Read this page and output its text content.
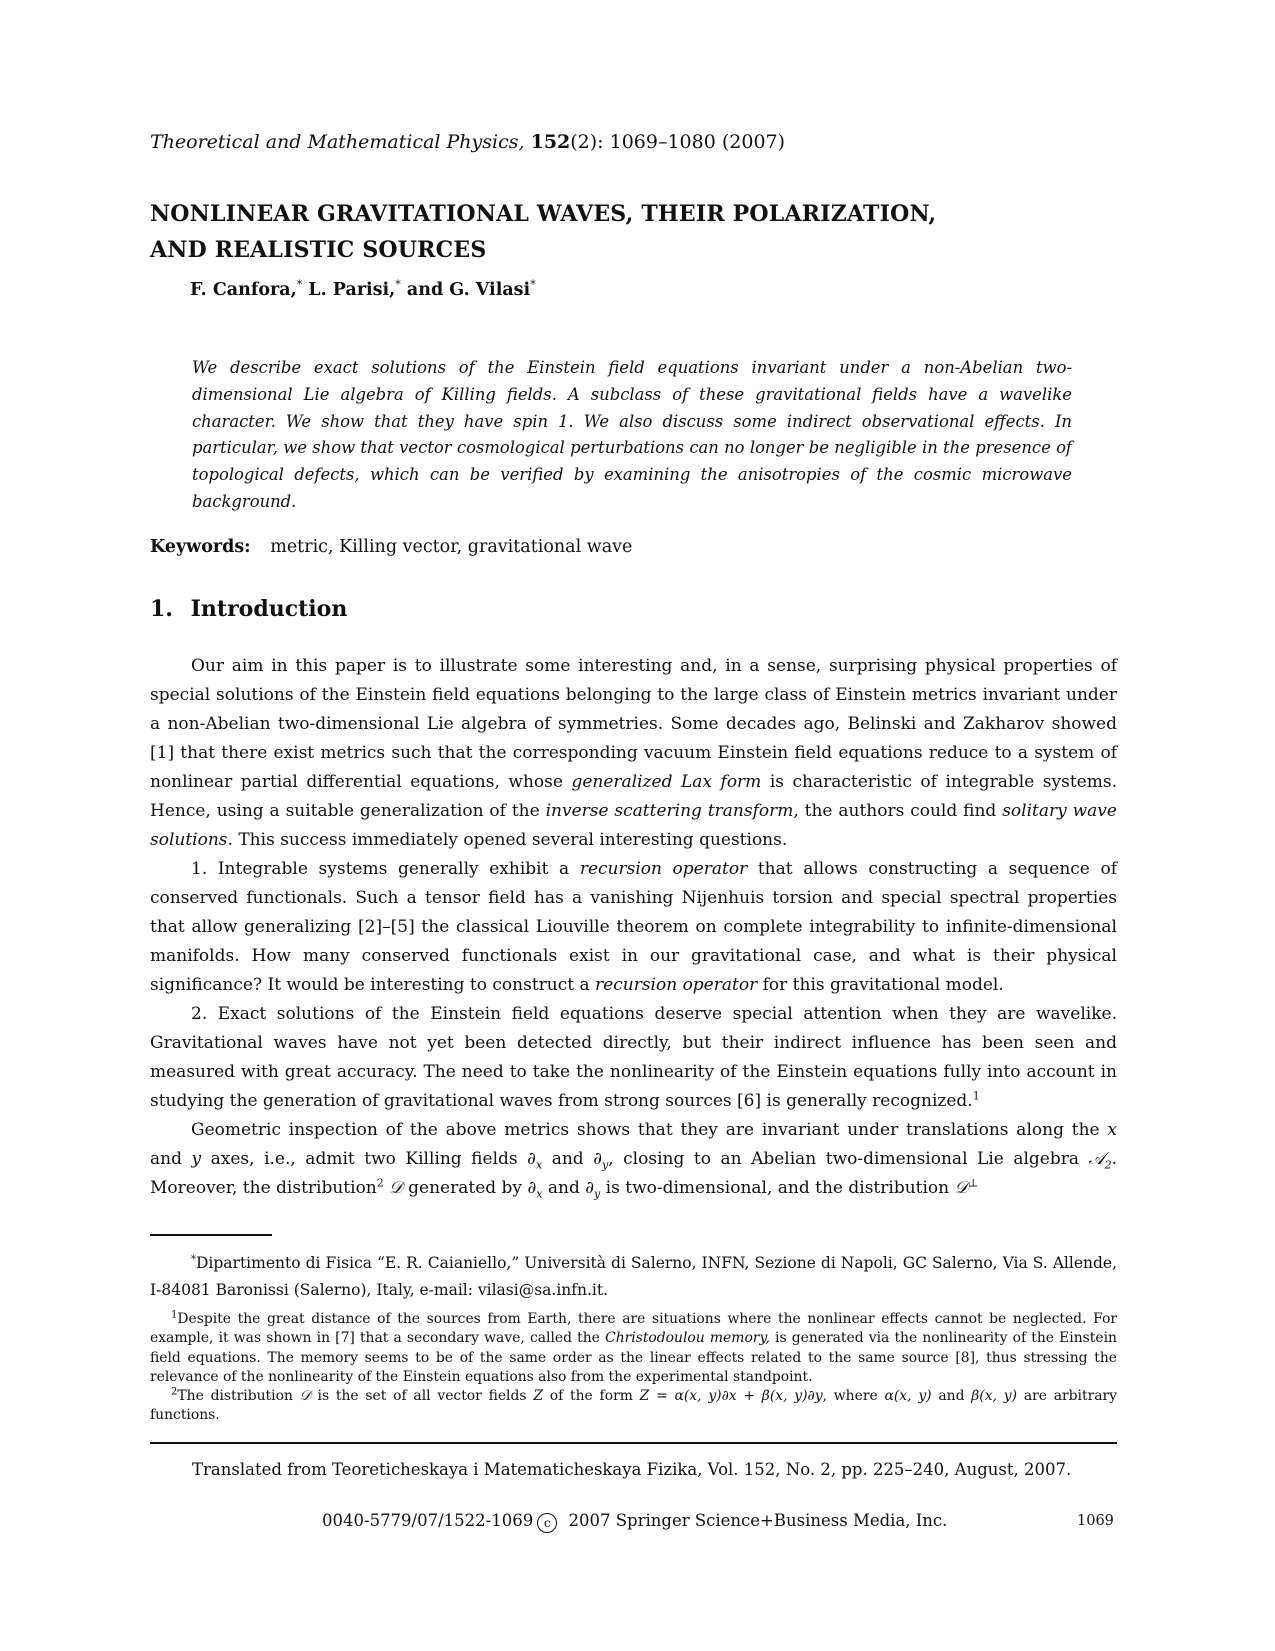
Theoretical and Mathematical Physics, 152(2): 1069–1080 (2007)
NONLINEAR GRAVITATIONAL WAVES, THEIR POLARIZATION,
AND REALISTIC SOURCES
F. Canfora,* L. Parisi,* and G. Vilasi*
We describe exact solutions of the Einstein field equations invariant under a non-Abelian two-dimensional Lie algebra of Killing fields. A subclass of these gravitational fields have a wavelike character. We show that they have spin 1. We also discuss some indirect observational effects. In particular, we show that vector cosmological perturbations can no longer be negligible in the presence of topological defects, which can be verified by examining the anisotropies of the cosmic microwave background.
Keywords: metric, Killing vector, gravitational wave
1. Introduction

Our aim in this paper is to illustrate some interesting and, in a sense, surprising physical properties of special solutions of the Einstein field equations belonging to the large class of Einstein metrics invariant under a non-Abelian two-dimensional Lie algebra of symmetries. Some decades ago, Belinski and Zakharov showed [1] that there exist metrics such that the corresponding vacuum Einstein field equations reduce to a system of nonlinear partial differential equations, whose generalized Lax form is characteristic of integrable systems. Hence, using a suitable generalization of the inverse scattering transform, the authors could find solitary wave solutions. This success immediately opened several interesting questions.

1. Integrable systems generally exhibit a recursion operator that allows constructing a sequence of conserved functionals. Such a tensor field has a vanishing Nijenhuis torsion and special spectral properties that allow generalizing [2]–[5] the classical Liouville theorem on complete integrability to infinite-dimensional manifolds. How many conserved functionals exist in our gravitational case, and what is their physical significance? It would be interesting to construct a recursion operator for this gravitational model.

2. Exact solutions of the Einstein field equations deserve special attention when they are wavelike. Gravitational waves have not yet been detected directly, but their indirect influence has been seen and measured with great accuracy. The need to take the nonlinearity of the Einstein equations fully into account in studying the generation of gravitational waves from strong sources [6] is generally recognized.$^1$

Geometric inspection of the above metrics shows that they are invariant under translations along the x and y axes, i.e., admit two Killing fields $\partial_x$ and $\partial_y$, closing to an Abelian two-dimensional Lie algebra 𝒜$_2$. Moreover, the distribution$^2$ 𝒟 generated by $\partial_x$ and $\partial_y$ is two-dimensional, and the distribution 𝒟⊥

*Dipartimento di Fisica “E. R. Caianiello,” Università di Salerno, INFN, Sezione di Napoli, GC Salerno, Via S. Allende, I-84081 Baronissi (Salerno), Italy, e-mail: vilasi@sa.infn.it.
$^1$Despite the great distance of the sources from Earth, there are situations where the nonlinear effects cannot be neglected. For example, it was shown in [7] that a secondary wave, called the Christodoulou memory, is generated via the nonlinearity of the Einstein field equations. The memory seems to be of the same order as the linear effects related to the same source [8], thus stressing the relevance of the nonlinearity of the Einstein equations also from the experimental standpoint.
$^2$The distribution 𝒟 is the set of all vector fields Z of the form Z = α(x, y)∂x + β(x, y)∂y, where α(x, y) and β(x, y) are arbitrary functions.
Translated from Teoreticheskaya i Matematicheskaya Fizika, Vol. 152, No. 2, pp. 225–240, August, 2007.
0040-5779/07/1522-1069 c 2007 Springer Science+Business Media, Inc.	1069
